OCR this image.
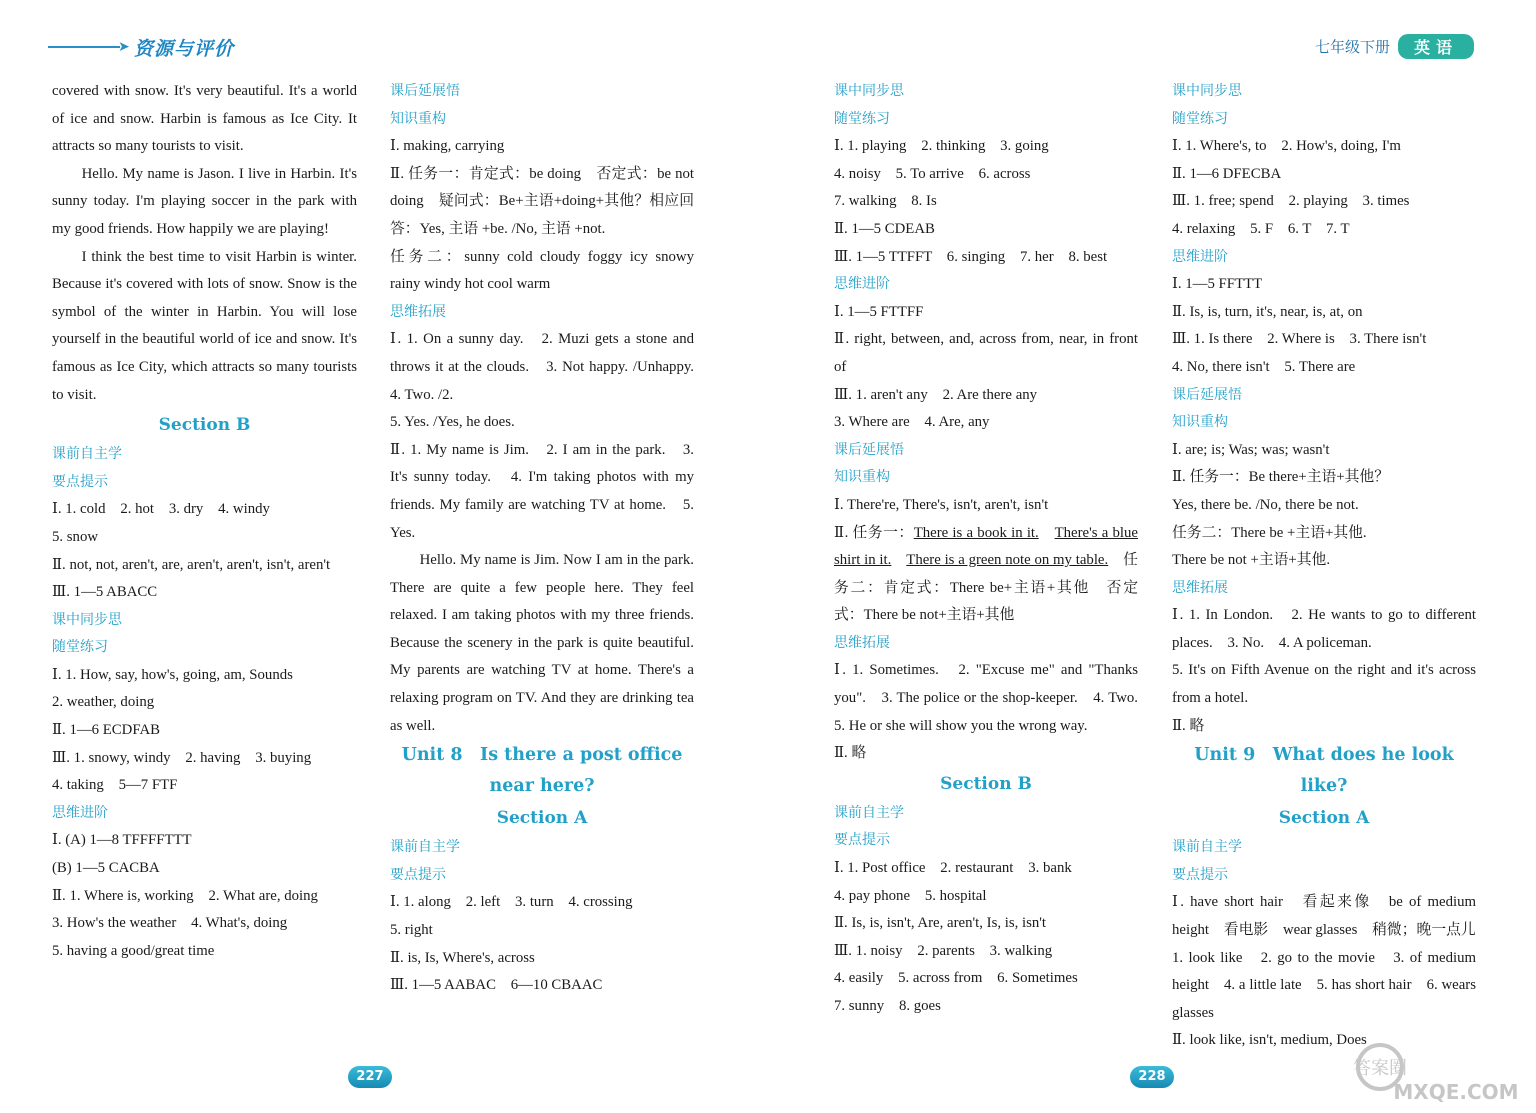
➤ 资源与评价

covered with snow. It's very beautiful. It's a world of ice and snow. Harbin is famous as Ice City. It attracts so many tourists to visit.

Hello. My name is Jason. I live in Harbin. It's sunny today. I'm playing soccer in the park with my good friends. How happily we are playing!

I think the best time to visit Harbin is winter. Because it's covered with lots of snow. Snow is the symbol of the winter in Harbin. You will lose yourself in the beautiful world of ice and snow. It's famous as Ice City, which attracts so many tourists to visit.

Section B
课前自主学
要点提示

Ⅰ. 1. cold　2. hot　3. dry　4. windy

5. snow

Ⅱ. not, not, aren't, are, aren't, aren't, isn't, aren't

Ⅲ. 1—5 ABACC

课中同步思
随堂练习

Ⅰ. 1. How, say, how's, going, am, Sounds

2. weather, doing

Ⅱ. 1—6 ECDFAB

Ⅲ. 1. snowy, windy　2. having　3. buying

4. taking　5—7 FTF

思维进阶

Ⅰ. (A) 1—8 TFFFFTTT

(B) 1—5 CACBA

Ⅱ. 1. Where is, working　2. What are, doing

3. How's the weather　4. What's, doing

5. having a good/great time

课后延展悟
知识重构

Ⅰ. making, carrying

Ⅱ. 任务一：肯定式：be doing　否定式：be not doing　疑问式：Be+主语+doing+其他？相应回答：Yes, 主语 +be. /No, 主语 +not.

任务二：sunny cold cloudy foggy icy snowy rainy windy hot cool warm

思维拓展

Ⅰ. 1. On a sunny day.　2. Muzi gets a stone and throws it at the clouds.　3. Not happy. /Unhappy.　4. Two. /2.

5. Yes. /Yes, he does.

Ⅱ. 1. My name is Jim.　2. I am in the park.　3. It's sunny today.　4. I'm taking photos with my friends. My family are watching TV at home.　5. Yes.

Hello. My name is Jim. Now I am in the park. There are quite a few people here. They feel relaxed. I am taking photos with my three friends. Because the scenery in the park is quite beautiful. My parents are watching TV at home. There's a relaxing program on TV. And they are drinking tea as well.

Unit 8　Is there a post office
near here?
Section A
课前自主学
要点提示

Ⅰ. 1. along　2. left　3. turn　4. crossing

5. right

Ⅱ. is, Is, Where's, across

Ⅲ. 1—5 AABAC　6—10 CBAAC

227
七年级下册	英语
课中同步思
随堂练习

Ⅰ. 1. playing　2. thinking　3. going

4. noisy　5. To arrive　6. across

7. walking　8. Is

Ⅱ. 1—5 CDEAB

Ⅲ. 1—5 TTFFT　6. singing　7. her　8. best

思维进阶

Ⅰ. 1—5 FTTFF

Ⅱ. right, between, and, across from, near, in front of

Ⅲ. 1. aren't any　2. Are there any

3. Where are　4. Are, any

课后延展悟
知识重构

Ⅰ. There're, There's, isn't, aren't, isn't

Ⅱ. 任务一：There is a book in it.　 There's a blue shirt in it.　 There is a green note on my table.　 任务二：肯定式：There be+主语+其他　否定式：There be not+主语+其他

思维拓展

Ⅰ. 1. Sometimes.　2. "Excuse me" and "Thanks you".　3. The police or the shop-keeper.　4. Two.　5. He or she will show you the wrong way.

Ⅱ. 略

Section B
课前自主学
要点提示

Ⅰ. 1. Post office　2. restaurant　3. bank

4. pay phone　5. hospital

Ⅱ. Is, is, isn't, Are, aren't, Is, is, isn't

Ⅲ. 1. noisy　2. parents　3. walking

4. easily　5. across from　6. Sometimes

7. sunny　8. goes

课中同步思
随堂练习

Ⅰ. 1. Where's, to　2. How's, doing, I'm

Ⅱ. 1—6 DFECBA

Ⅲ. 1. free; spend　2. playing　3. times

4. relaxing　5. F　6. T　7. T

思维进阶

Ⅰ. 1—5 FFTTT

Ⅱ. Is, is, turn, it's, near, is, at, on

Ⅲ. 1. Is there　2. Where is　3. There isn't

4. No, there isn't　5. There are

课后延展悟
知识重构

Ⅰ. are; is; Was; was; wasn't

Ⅱ. 任务一：Be there+主语+其他？

Yes, there be. /No, there be not.

任务二：There be +主语+其他.

There be not +主语+其他.

思维拓展

Ⅰ. 1. In London.　2. He wants to go to different places.　3. No.　4. A policeman.

5. It's on Fifth Avenue on the right and it's across from a hotel.

Ⅱ. 略

Unit 9　What does he look like?
Section A
课前自主学
要点提示

Ⅰ. have short hair　看起来像　be of medium height　看电影　wear glasses　稍微；晚一点儿

1. look like　2. go to the movie　3. of medium height　4. a little late　5. has short hair　6. wears glasses

Ⅱ. look like, isn't, medium, Does

228	答案圈
MXQE.COM
